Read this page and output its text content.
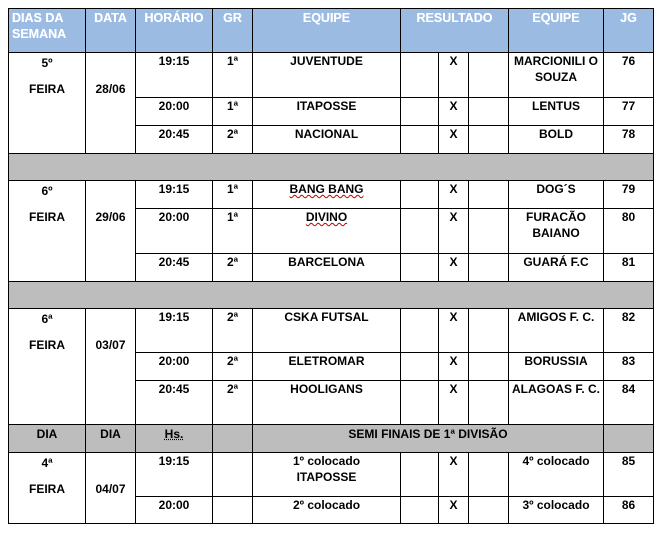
DIAS DA SEMANA	DATA	HORÁRIO	GR	EQUIPE	RESULTADO			EQUIPE	JG

5º
FEIRA	28/06	19:15	1ª	JUVENTUDE		X		MARCIONILI O SOUZA	76
		20:00	1ª	ITAPOSSE		X		LENTUS	77
		20:45	2ª	NACIONAL		X		BOLD	78

6º
FEIRA	29/06	19:15	1ª	BANG BANG		X		DOG´S	79
		20:00	1ª	DIVINO		X		FURACÃO BAIANO	80
		20:45	2ª	BARCELONA		X		GUARÁ F.C	81

6ª
FEIRA	03/07	19:15	2ª	CSKA FUTSAL		X		AMIGOS F. C.	82
		20:00	2ª	ELETROMAR		X		BORUSSIA	83
		20:45	2ª	HOOLIGANS		X		ALAGOAS F. C.	84
DIA	DIA	Hs.		SEMI FINAIS DE 1ª DIVISÃO					

4ª
FEIRA	04/07	19:15		1º colocado ITAPOSSE		X		4º colocado	85
		20:00		2º colocado		X		3º colocado	86
